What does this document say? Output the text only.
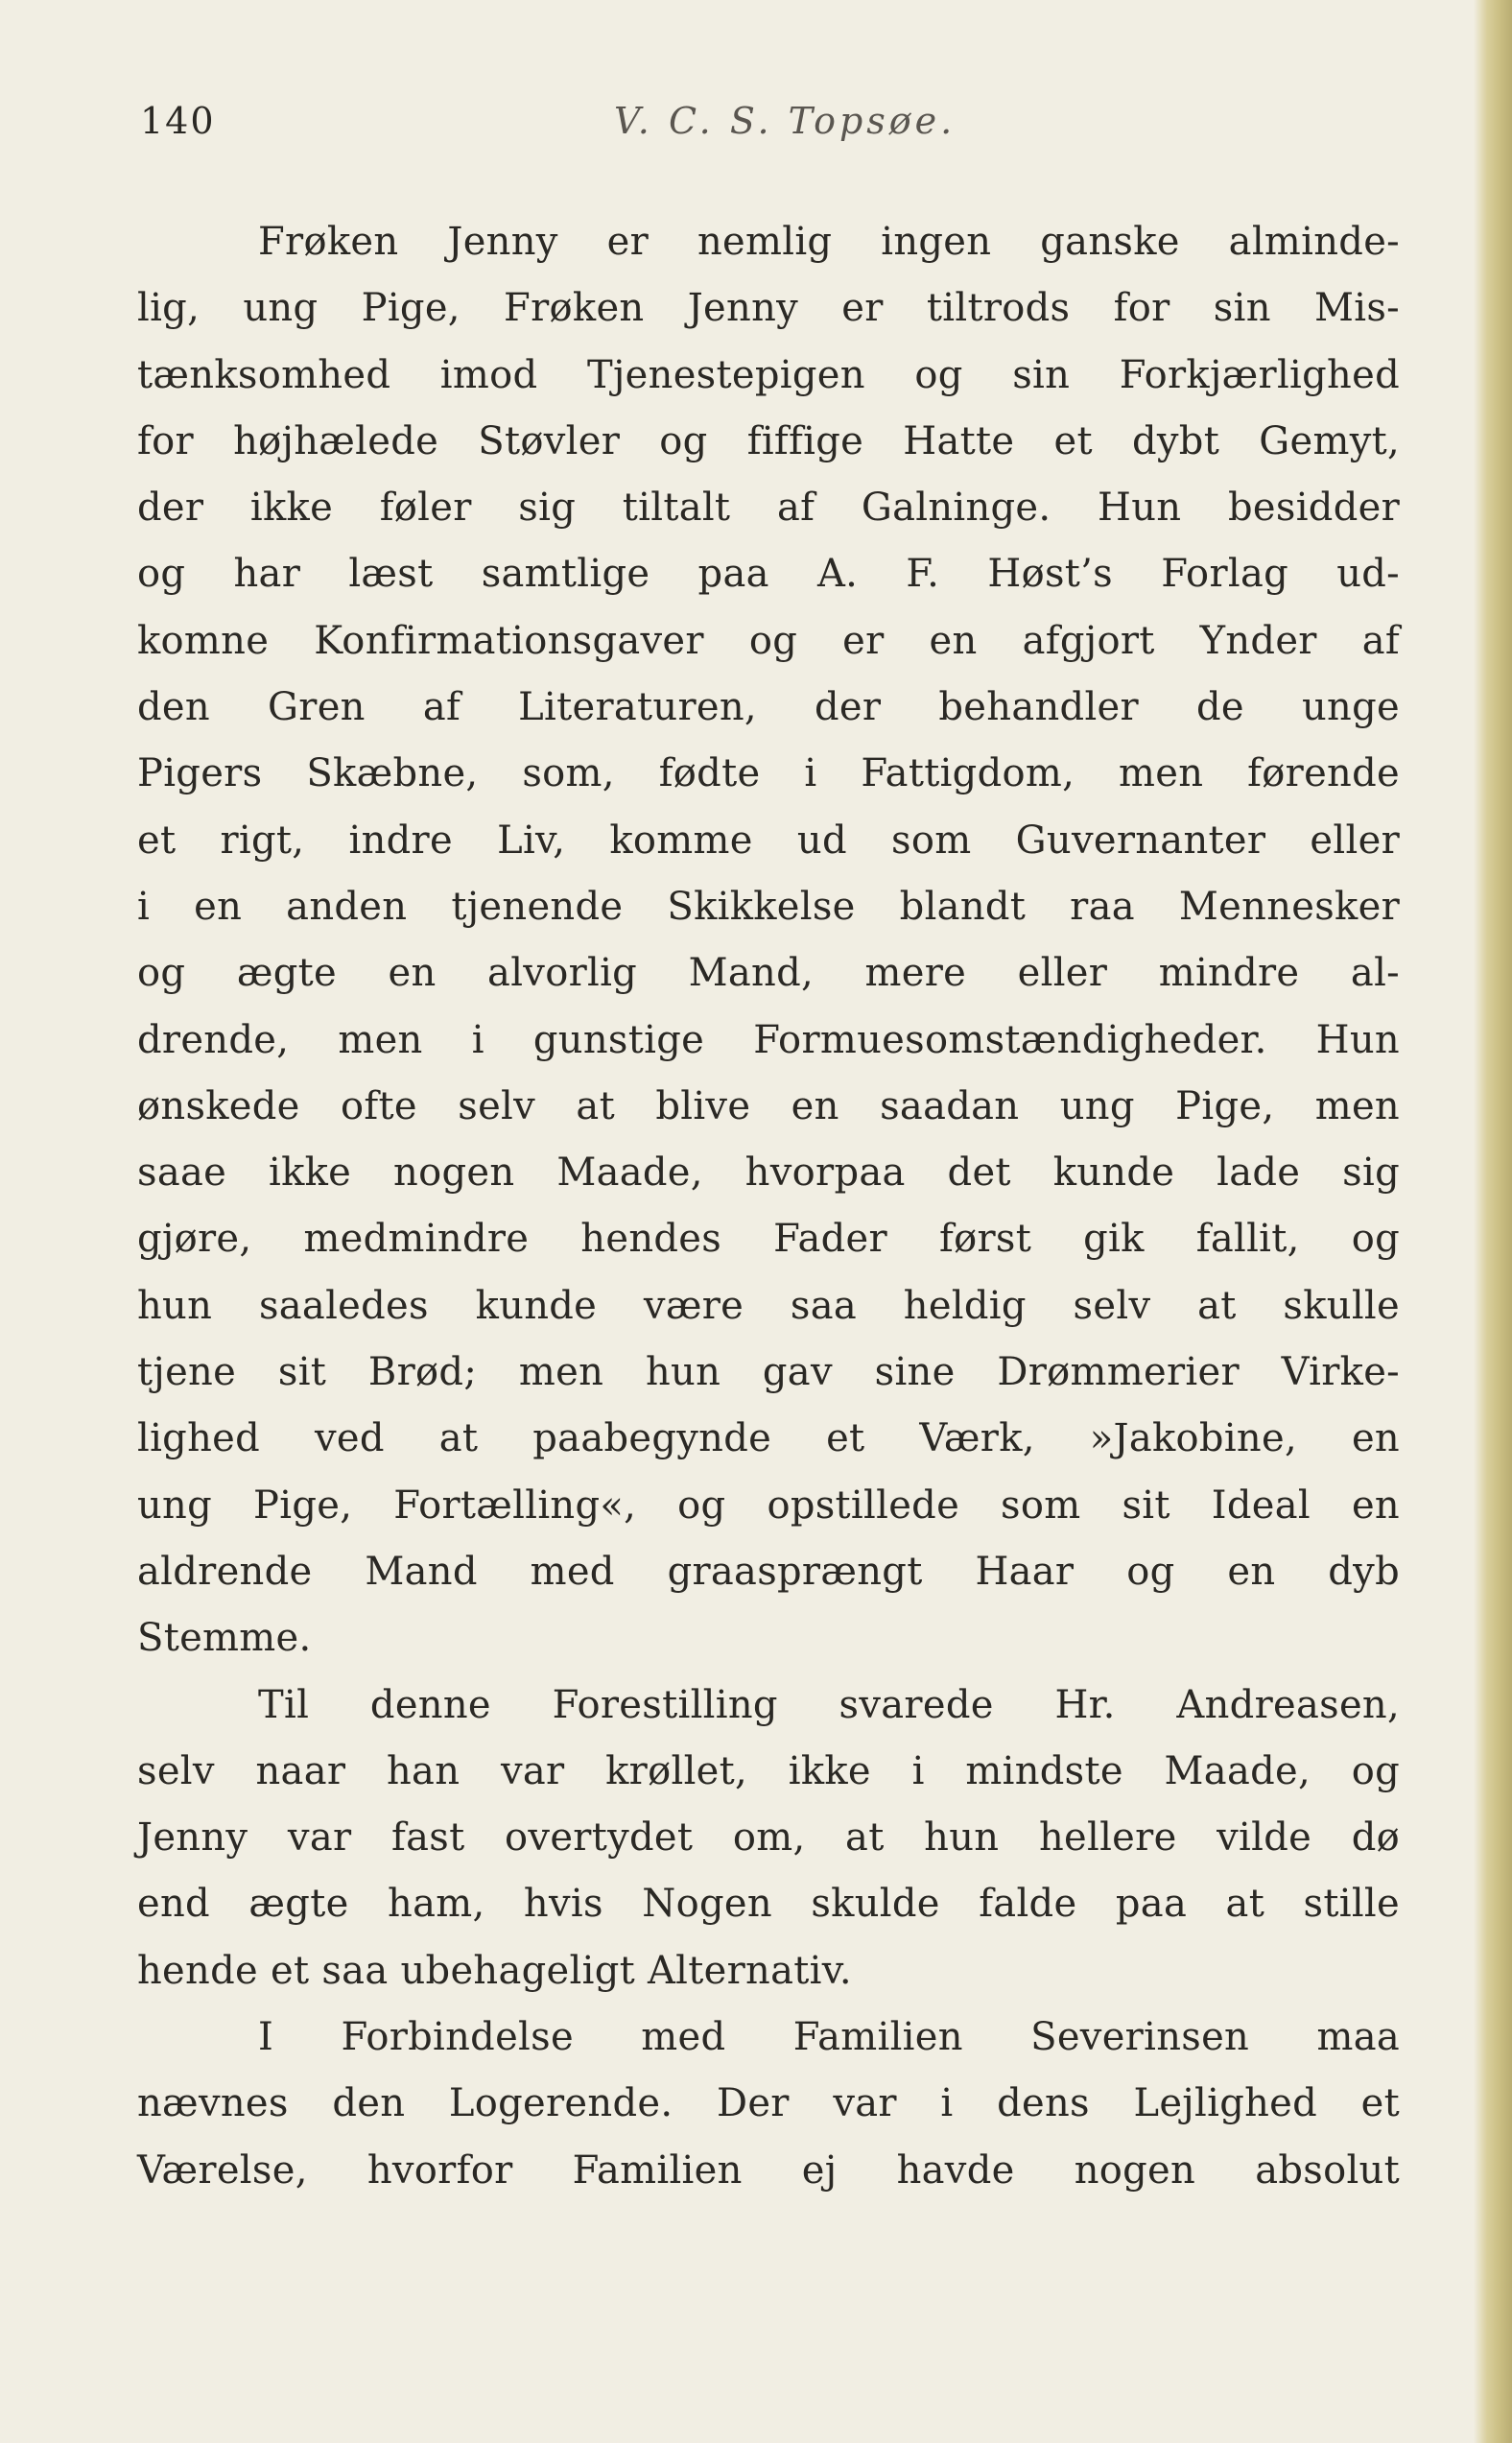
140	V. C. S. Topsøe.
Frøken Jenny er nemlig ingen ganske alminde-
lig, ung Pige, Frøken Jenny er tiltrods for sin Mis-
tænksomhed imod Tjenestepigen og sin Forkjærlighed
for højhælede Støvler og fiffige Hatte et dybt Gemyt,
der ikke føler sig tiltalt af Galninge. Hun besidder
og har læst samtlige paa A. F. Høst’s Forlag ud-
komne Konfirmationsgaver og er en afgjort Ynder af
den Gren af Literaturen, der behandler de unge
Pigers Skæbne, som, fødte i Fattigdom, men førende
et rigt, indre Liv, komme ud som Guvernanter eller
i en anden tjenende Skikkelse blandt raa Mennesker
og ægte en alvorlig Mand, mere eller mindre al-
drende, men i gunstige Formuesomstændigheder. Hun
ønskede ofte selv at blive en saadan ung Pige, men
saae ikke nogen Maade, hvorpaa det kunde lade sig
gjøre, medmindre hendes Fader først gik fallit, og
hun saaledes kunde være saa heldig selv at skulle
tjene sit Brød; men hun gav sine Drømmerier Virke-
lighed ved at paabegynde et Værk, »Jakobine, en
ung Pige, Fortælling«, og opstillede som sit Ideal en
aldrende Mand med graasprængt Haar og en dyb
Stemme.
Til denne Forestilling svarede Hr. Andreasen,
selv naar han var krøllet, ikke i mindste Maade, og
Jenny var fast overtydet om, at hun hellere vilde dø
end ægte ham, hvis Nogen skulde falde paa at stille
hende et saa ubehageligt Alternativ.
I Forbindelse med Familien Severinsen maa
nævnes den Logerende. Der var i dens Lejlighed et
Værelse, hvorfor Familien ej havde nogen absolut
